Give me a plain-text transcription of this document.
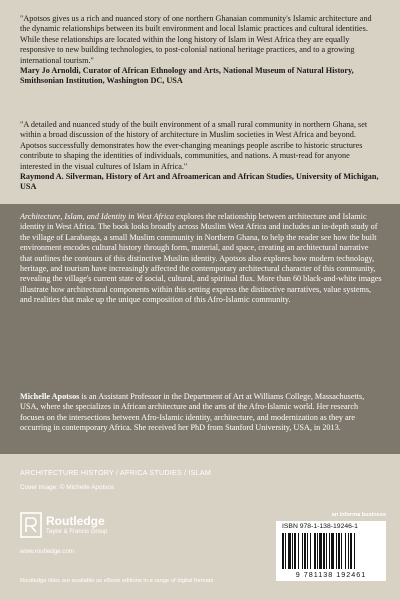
"Apotsos gives us a rich and nuanced story of one northern Ghanaian community's Islamic architecture and the dynamic relationships between its built environment and local Islamic practices and cultural identities. While these relationships are located within the long history of Islam in West Africa they are equally responsive to new building technologies, to post-colonial national heritage practices, and to a growing international tourism."

Mary Jo Arnoldi, Curator of African Ethnology and Arts, National Museum of Natural History, Smithsonian Institution, Washington DC, USA

"A detailed and nuanced study of the built environment of a small rural community in northern Ghana, set within a broad discussion of the history of architecture in Muslim societies in West Africa and beyond. Apotsos successfully demonstrates how the ever-changing meanings people ascribe to historic structures contribute to shaping the identities of individuals, communities, and nations. A must-read for anyone interested in the visual cultures of Islam in Africa."

Raymond A. Silverman, History of Art and Afroamerican and African Studies, University of Michigan, USA

Architecture, Islam, and Identity in West Africa explores the relationship between architecture and Islamic identity in West Africa. The book looks broadly across Muslim West Africa and includes an in-depth study of the village of Larabanga, a small Muslim community in Northern Ghana, to help the reader see how the built environment encodes cultural history through form, material, and space, creating an architectural narrative that outlines the contours of this distinctive Muslim identity. Apotsos also explores how modern technology, heritage, and tourism have increasingly affected the contemporary architectural character of this community, revealing the village's current state of social, cultural, and spiritual flux. More than 60 black-and-white images illustrate how architectural components within this setting express the distinctive narratives, value systems, and realities that make up the unique composition of this Afro-Islamic community.

Michelle Apotsos is an Assistant Professor in the Department of Art at Williams College, Massachusetts, USA, where she specializes in African architecture and the arts of the Afro-Islamic world. Her research focuses on the intersections between Afro-Islamic identity, architecture, and modernization as they are occurring in contemporary Africa. She received her PhD from Stanford University, USA, in 2013.

ARCHITECTURE HISTORY / AFRICA STUDIES / ISLAM
Cover image: © Michelle Apotsos
Routledge
Taylor & Francis Group
www.routledge.com
Routledge titles are available as eBook editions in a range of digital formats
an informa business
ISBN 978-1-138-19246-1
9 781138 192461
